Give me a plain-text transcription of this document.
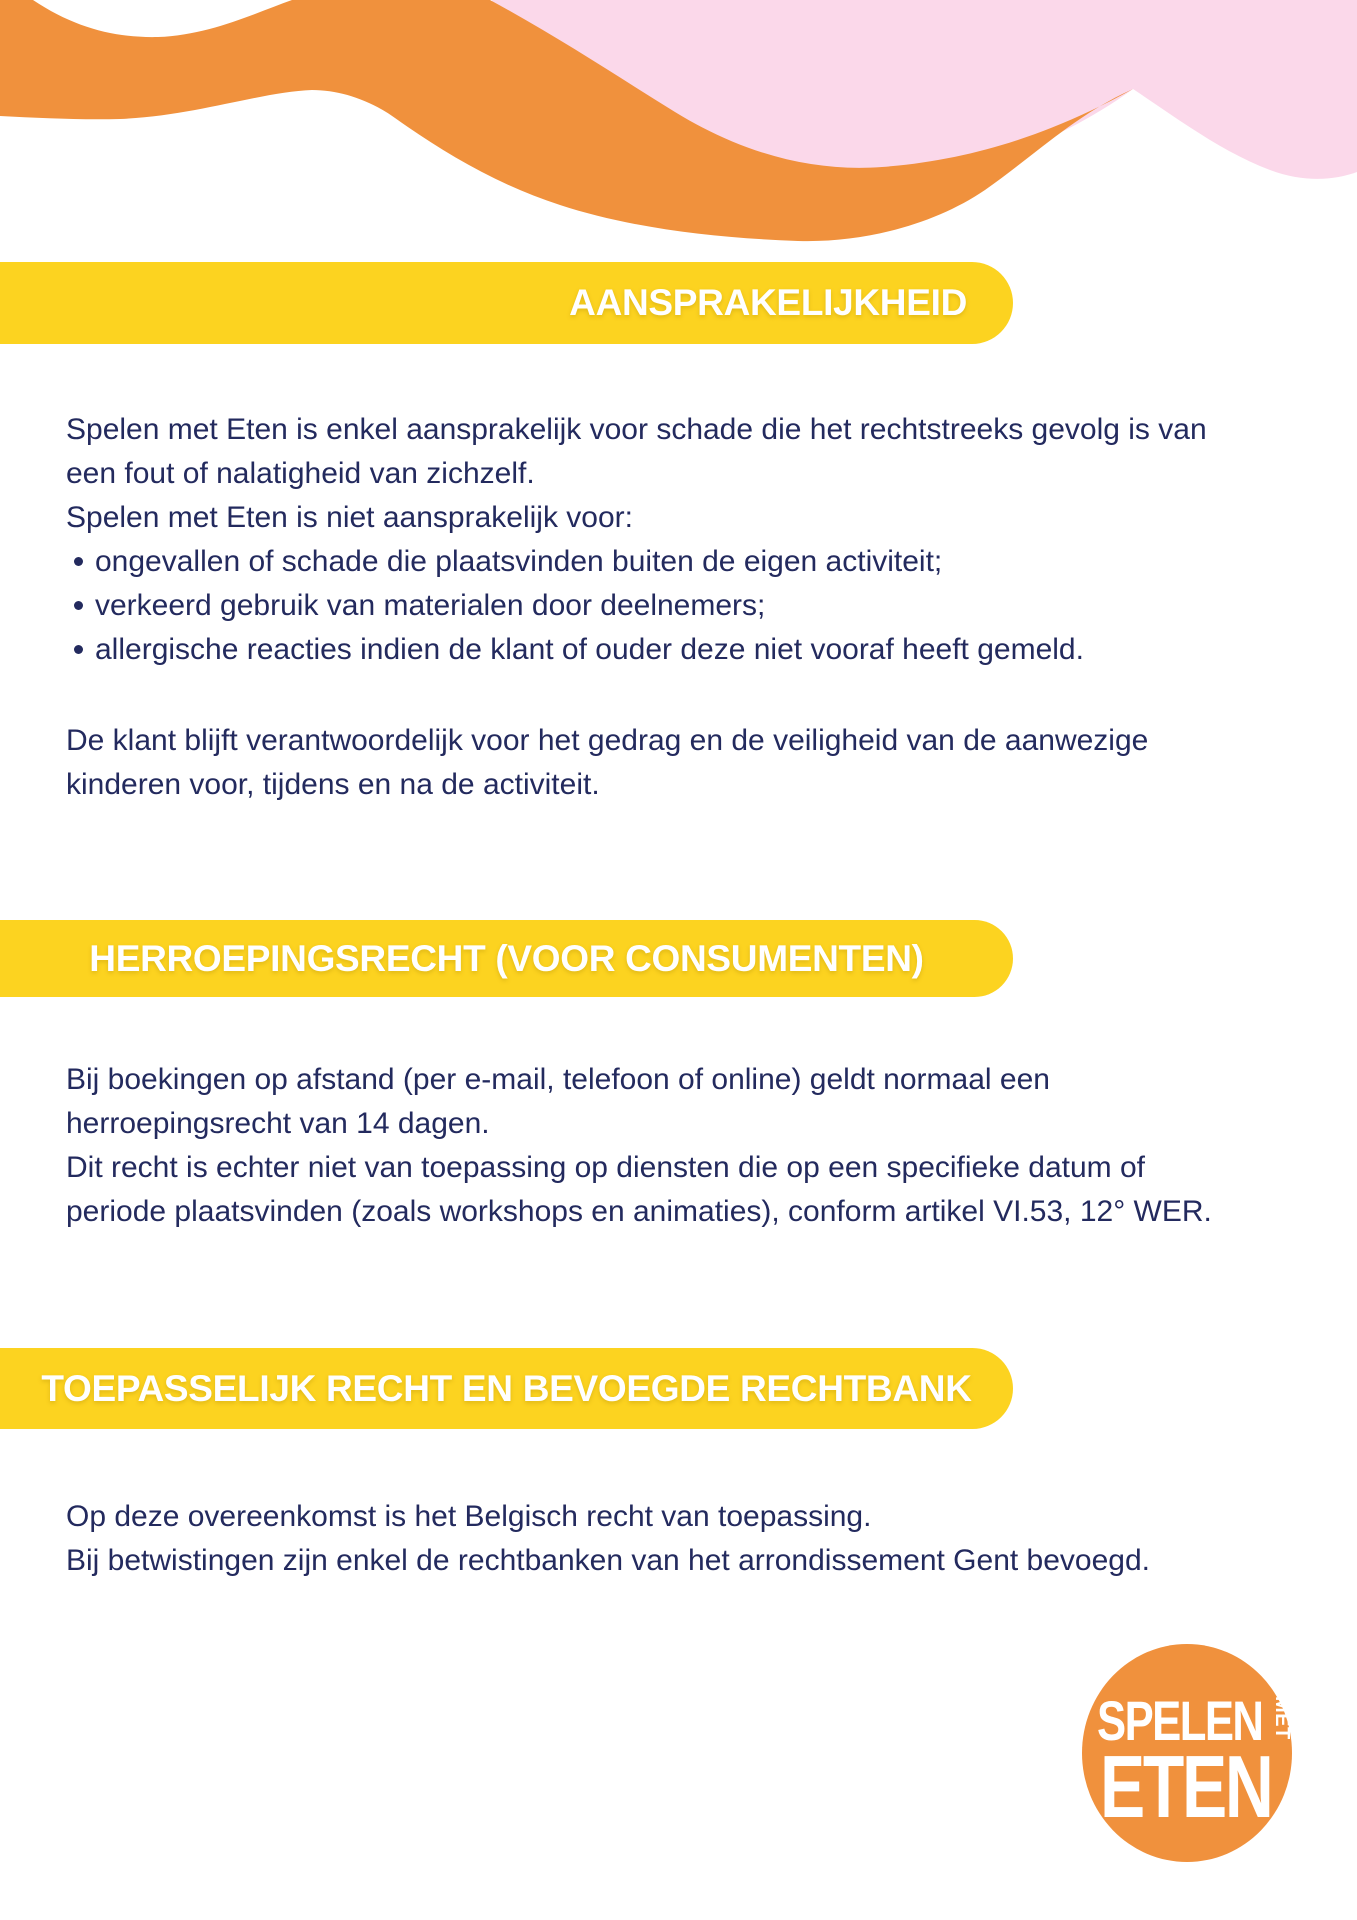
AANSPRAKELIJKHEID

Spelen met Eten is enkel aansprakelijk voor schade die het rechtstreeks gevolg is van een fout of nalatigheid van zichzelf.

Spelen met Eten is niet aansprakelijk voor:

ongevallen of schade die plaatsvinden buiten de eigen activiteit;
verkeerd gebruik van materialen door deelnemers;
allergische reacties indien de klant of ouder deze niet vooraf heeft gemeld.

De klant blijft verantwoordelijk voor het gedrag en de veiligheid van de aanwezige kinderen voor, tijdens en na de activiteit.

HERROEPINGSRECHT (VOOR CONSUMENTEN)

Bij boekingen op afstand (per e-mail, telefoon of online) geldt normaal een herroepingsrecht van 14 dagen.

Dit recht is echter niet van toepassing op diensten die op een specifieke datum of periode plaatsvinden (zoals workshops en animaties), conform artikel VI.53, 12° WER.

TOEPASSELIJK RECHT EN BEVOEGDE RECHTBANK

Op deze overeenkomst is het Belgisch recht van toepassing.

Bij betwistingen zijn enkel de rechtbanken van het arrondissement Gent bevoegd.

SPELEN MET
ETEN
